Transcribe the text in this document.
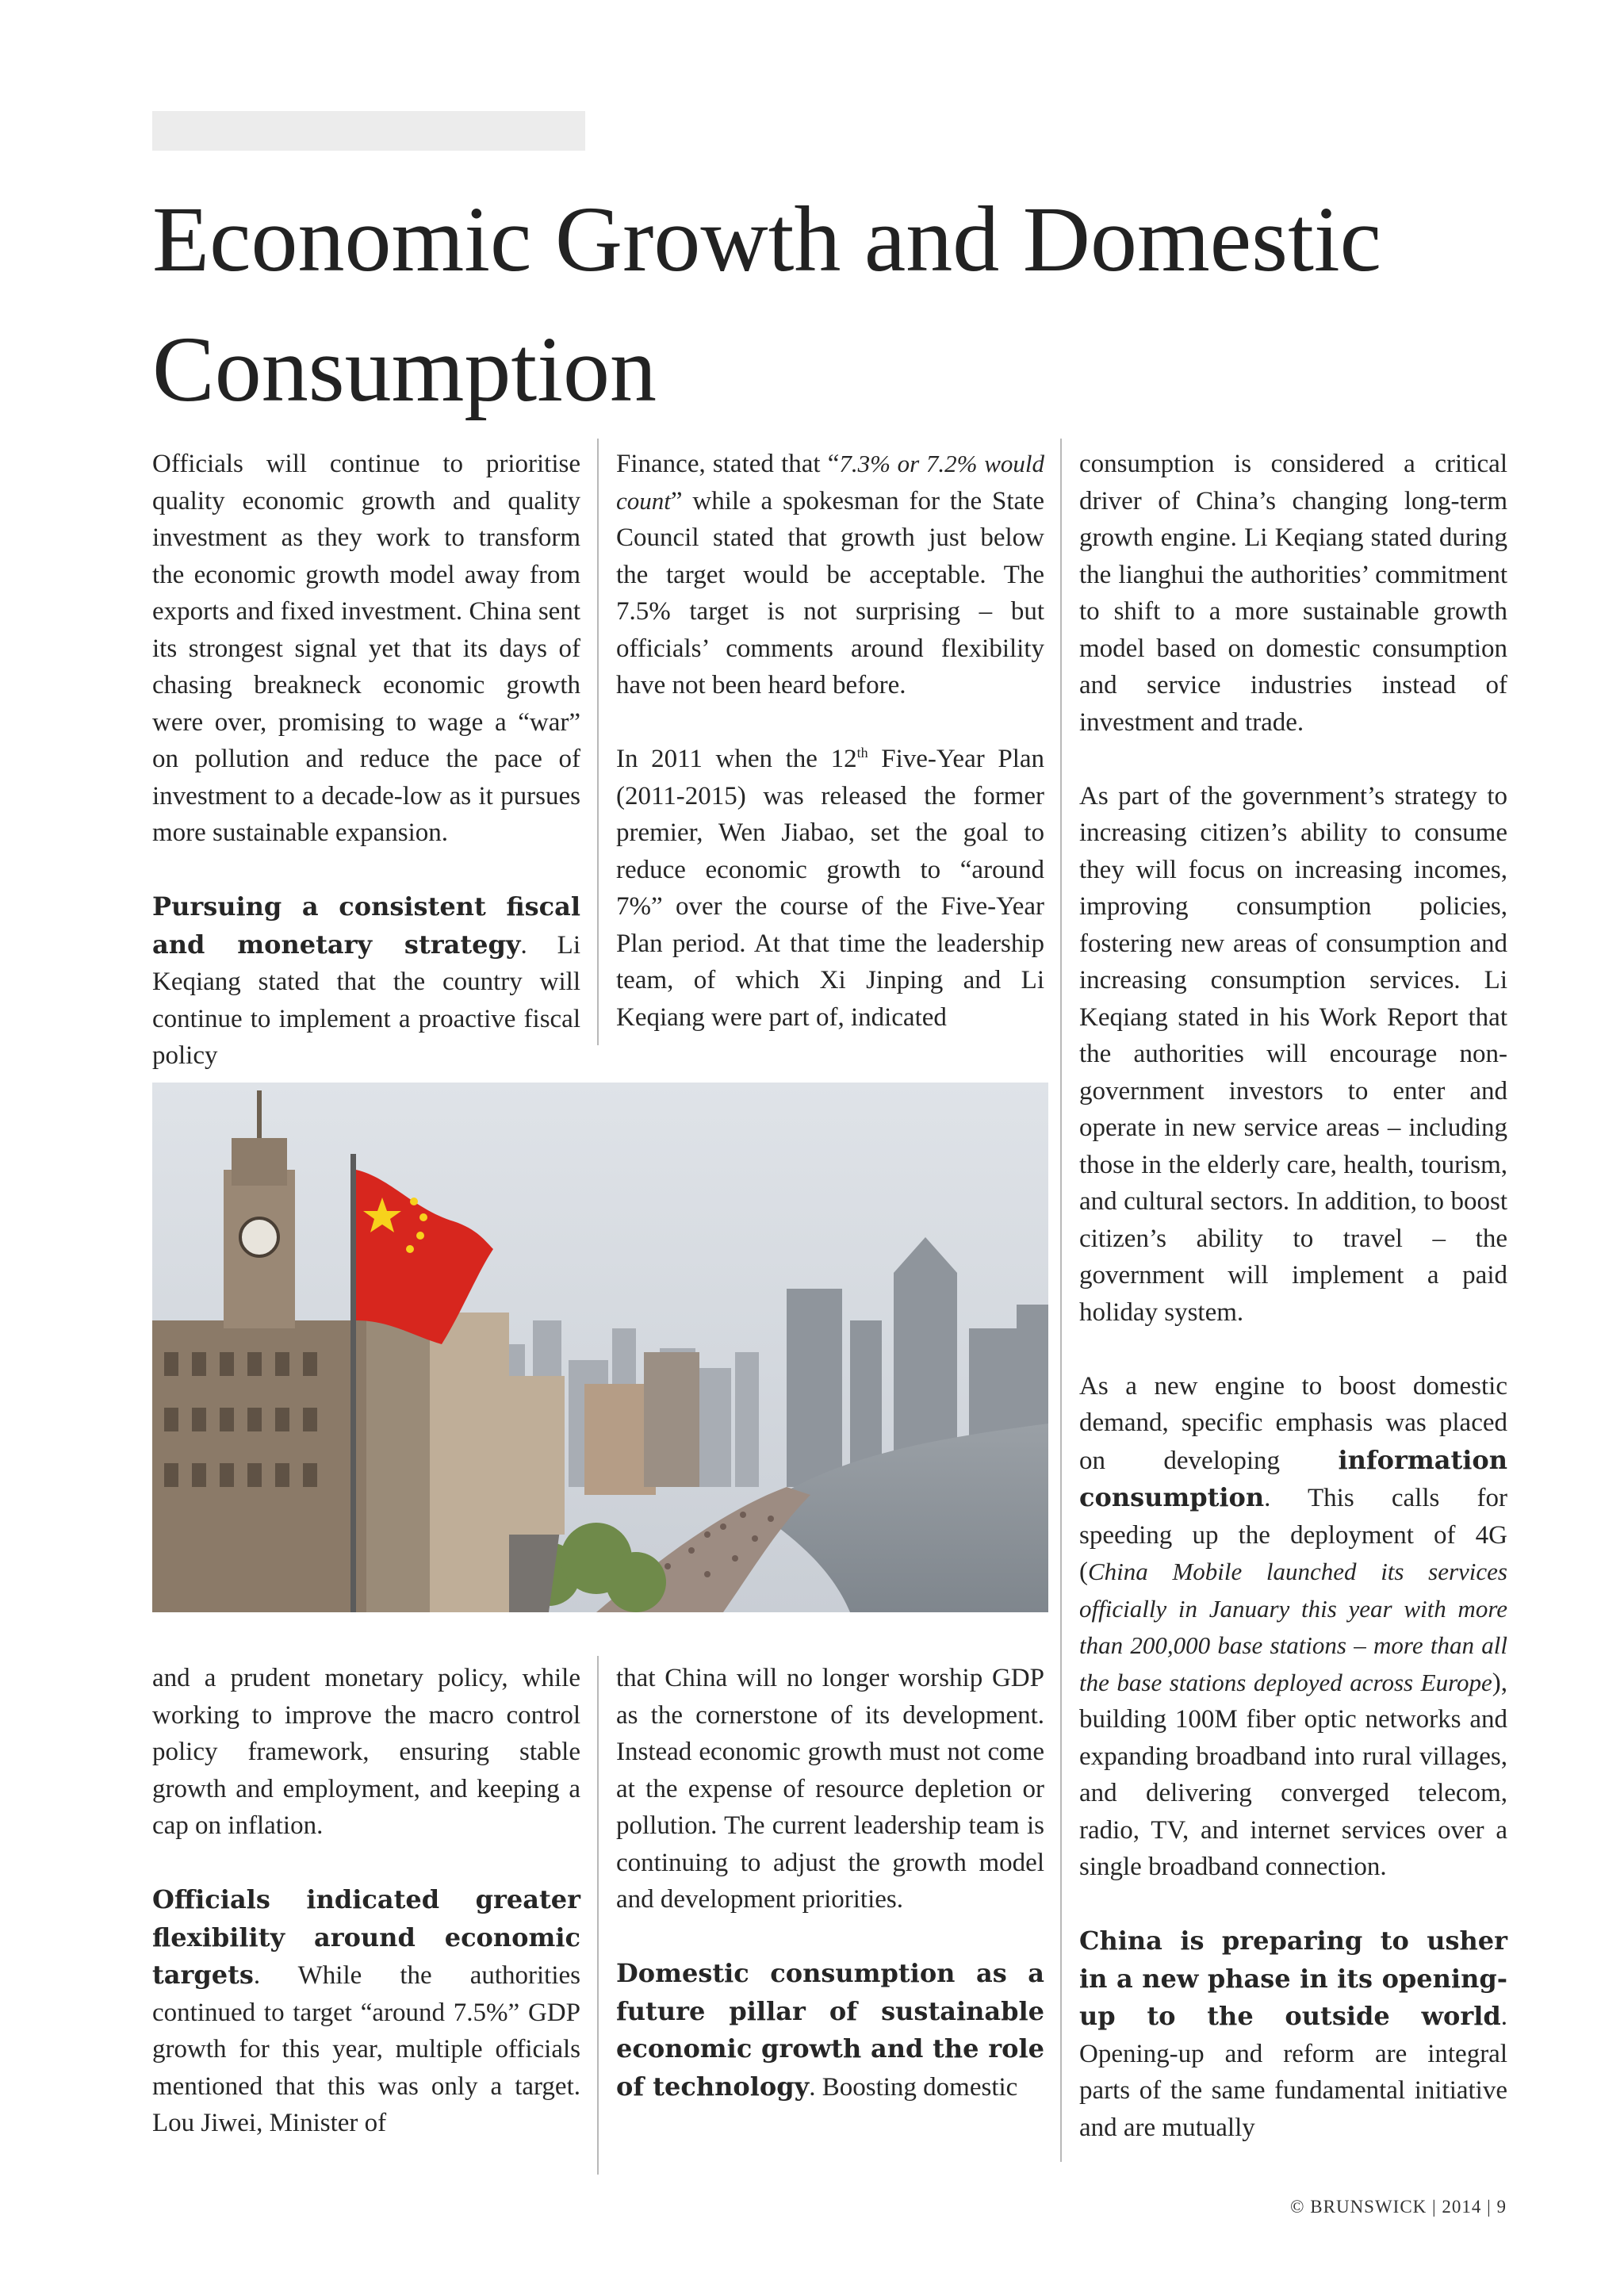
Economic Growth and Domestic
Consumption

Officials will continue to prioritise quality economic growth and quality investment as they work to transform the economic growth model away from exports and fixed investment. China sent its strongest signal yet that its days of chasing breakneck economic growth were over, promising to wage a “war” on pollution and reduce the pace of investment to a decade-low as it pursues more sustainable expansion.

Pursuing a consistent fiscal and monetary strategy. Li Keqiang stated that the country will continue to implement a proactive fiscal policy

Finance, stated that “7.3% or 7.2% would count” while a spokesman for the State Council stated that growth just below the target would be acceptable. The 7.5% target is not surprising – but officials’ comments around flexibility have not been heard before.

In 2011 when the 12th Five-Year Plan (2011-2015) was released the former premier, Wen Jiabao, set the goal to reduce economic growth to “around 7%” over the course of the Five-Year Plan period. At that time the leadership team, of which Xi Jinping and Li Keqiang were part of, indicated

consumption is considered a critical driver of China’s changing long-term growth engine. Li Keqiang stated during the lianghui the authorities’ commitment to shift to a more sustainable growth model based on domestic consumption and service industries instead of investment and trade.

As part of the government’s strategy to increasing citizen’s ability to consume they will focus on increasing incomes, improving consumption policies, fostering new areas of consumption and increasing consumption services. Li Keqiang stated in his Work Report that the authorities will encourage non-government investors to enter and operate in new service areas – including those in the elderly care, health, tourism, and cultural sectors. In addition, to boost citizen’s ability to travel – the government will implement a paid holiday system.

As a new engine to boost domestic demand, specific emphasis was placed on developing information consumption. This calls for speeding up the deployment of 4G (China Mobile launched its services officially in January this year with more than 200,000 base stations – more than all the base stations deployed across Europe), building 100M fiber optic networks and expanding broadband into rural villages, and delivering converged telecom, radio, TV, and internet services over a single broadband connection.

China is preparing to usher in a new phase in its opening-up to the outside world. Opening-up and reform are integral parts of the same fundamental initiative and are mutually

and a prudent monetary policy, while working to improve the macro control policy framework, ensuring stable growth and employment, and keeping a cap on inflation.

Officials indicated greater flexibility around economic targets. While the authorities continued to target “around 7.5%” GDP growth for this year, multiple officials mentioned that this was only a target. Lou Jiwei, Minister of

that China will no longer worship GDP as the cornerstone of its development. Instead economic growth must not come at the expense of resource depletion or pollution. The current leadership team is continuing to adjust the growth model and development priorities.

Domestic consumption as a future pillar of sustainable economic growth and the role of technology. Boosting domestic

© BRUNSWICK | 2014 | 9
